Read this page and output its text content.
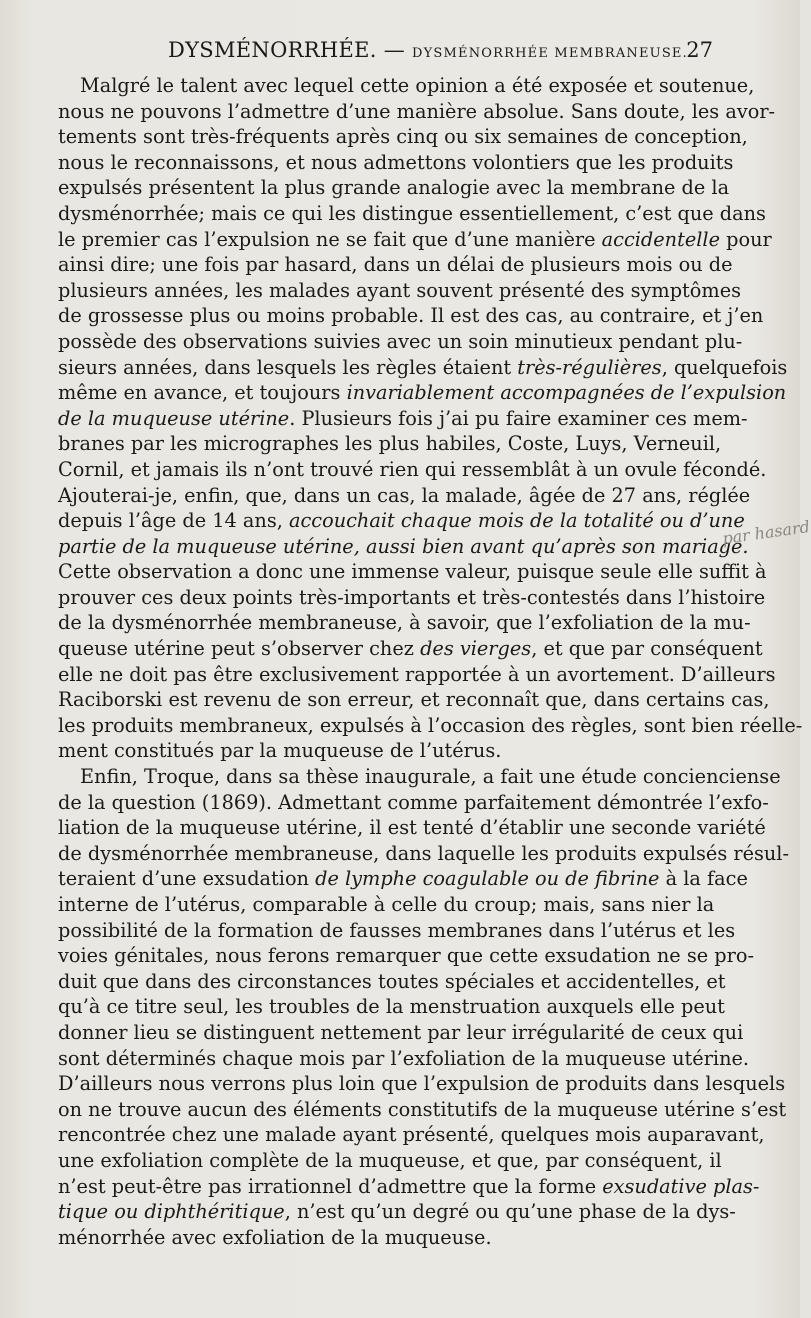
DYSMÉNORRHÉE. — DYSMÉNORRHÉE MEMBRANEUSE.
27
Malgré le talent avec lequel cette opinion a été exposée et soutenue,
nous ne pouvons l’admettre d’une manière absolue. Sans doute, les avor-
tements sont très-fréquents après cinq ou six semaines de conception,
nous le reconnaissons, et nous admettons volontiers que les produits
expulsés présentent la plus grande analogie avec la membrane de la
dysménorrhée; mais ce qui les distingue essentiellement, c’est que dans
le premier cas l’expulsion ne se fait que d’une manière accidentelle pour
ainsi dire; une fois par hasard, dans un délai de plusieurs mois ou de
plusieurs années, les malades ayant souvent présenté des symptômes
de grossesse plus ou moins probable. Il est des cas, au contraire, et j’en
possède des observations suivies avec un soin minutieux pendant plu-
sieurs années, dans lesquels les règles étaient très-régulières, quelquefois
même en avance, et toujours invariablement accompagnées de l’expulsion
de la muqueuse utérine. Plusieurs fois j’ai pu faire examiner ces mem-
branes par les micrographes les plus habiles, Coste, Luys, Verneuil,
Cornil, et jamais ils n’ont trouvé rien qui ressemblât à un ovule fécondé.
Ajouterai-je, enfin, que, dans un cas, la malade, âgée de 27 ans, réglée
depuis l’âge de 14 ans, accouchait chaque mois de la totalité ou d’une
partie de la muqueuse utérine, aussi bien avant qu’après son mariage.
Cette observation a donc une immense valeur, puisque seule elle suffit à
prouver ces deux points très-importants et très-contestés dans l’histoire
de la dysménorrhée membraneuse, à savoir, que l’exfoliation de la mu-
queuse utérine peut s’observer chez des vierges, et que par conséquent
elle ne doit pas être exclusivement rapportée à un avortement. D’ailleurs
Raciborski est revenu de son erreur, et reconnaît que, dans certains cas,
les produits membraneux, expulsés à l’occasion des règles, sont bien réelle-
ment constitués par la muqueuse de l’utérus.
Enfin, Troque, dans sa thèse inaugurale, a fait une étude concienciense
de la question (1869). Admettant comme parfaitement démontrée l’exfo-
liation de la muqueuse utérine, il est tenté d’établir une seconde variété
de dysménorrhée membraneuse, dans laquelle les produits expulsés résul-
teraient d’une exsudation de lymphe coagulable ou de fibrine à la face
interne de l’utérus, comparable à celle du croup; mais, sans nier la
possibilité de la formation de fausses membranes dans l’utérus et les
voies génitales, nous ferons remarquer que cette exsudation ne se pro-
duit que dans des circonstances toutes spéciales et accidentelles, et
qu’à ce titre seul, les troubles de la menstruation auxquels elle peut
donner lieu se distinguent nettement par leur irrégularité de ceux qui
sont déterminés chaque mois par l’exfoliation de la muqueuse utérine.
D’ailleurs nous verrons plus loin que l’expulsion de produits dans lesquels
on ne trouve aucun des éléments constitutifs de la muqueuse utérine s’est
rencontrée chez une malade ayant présenté, quelques mois auparavant,
une exfoliation complète de la muqueuse, et que, par conséquent, il
n’est peut-être pas irrationnel d’admettre que la forme exsudative plas-
tique ou diphthéritique, n’est qu’un degré ou qu’une phase de la dys-
ménorrhée avec exfoliation de la muqueuse.
par hasard
